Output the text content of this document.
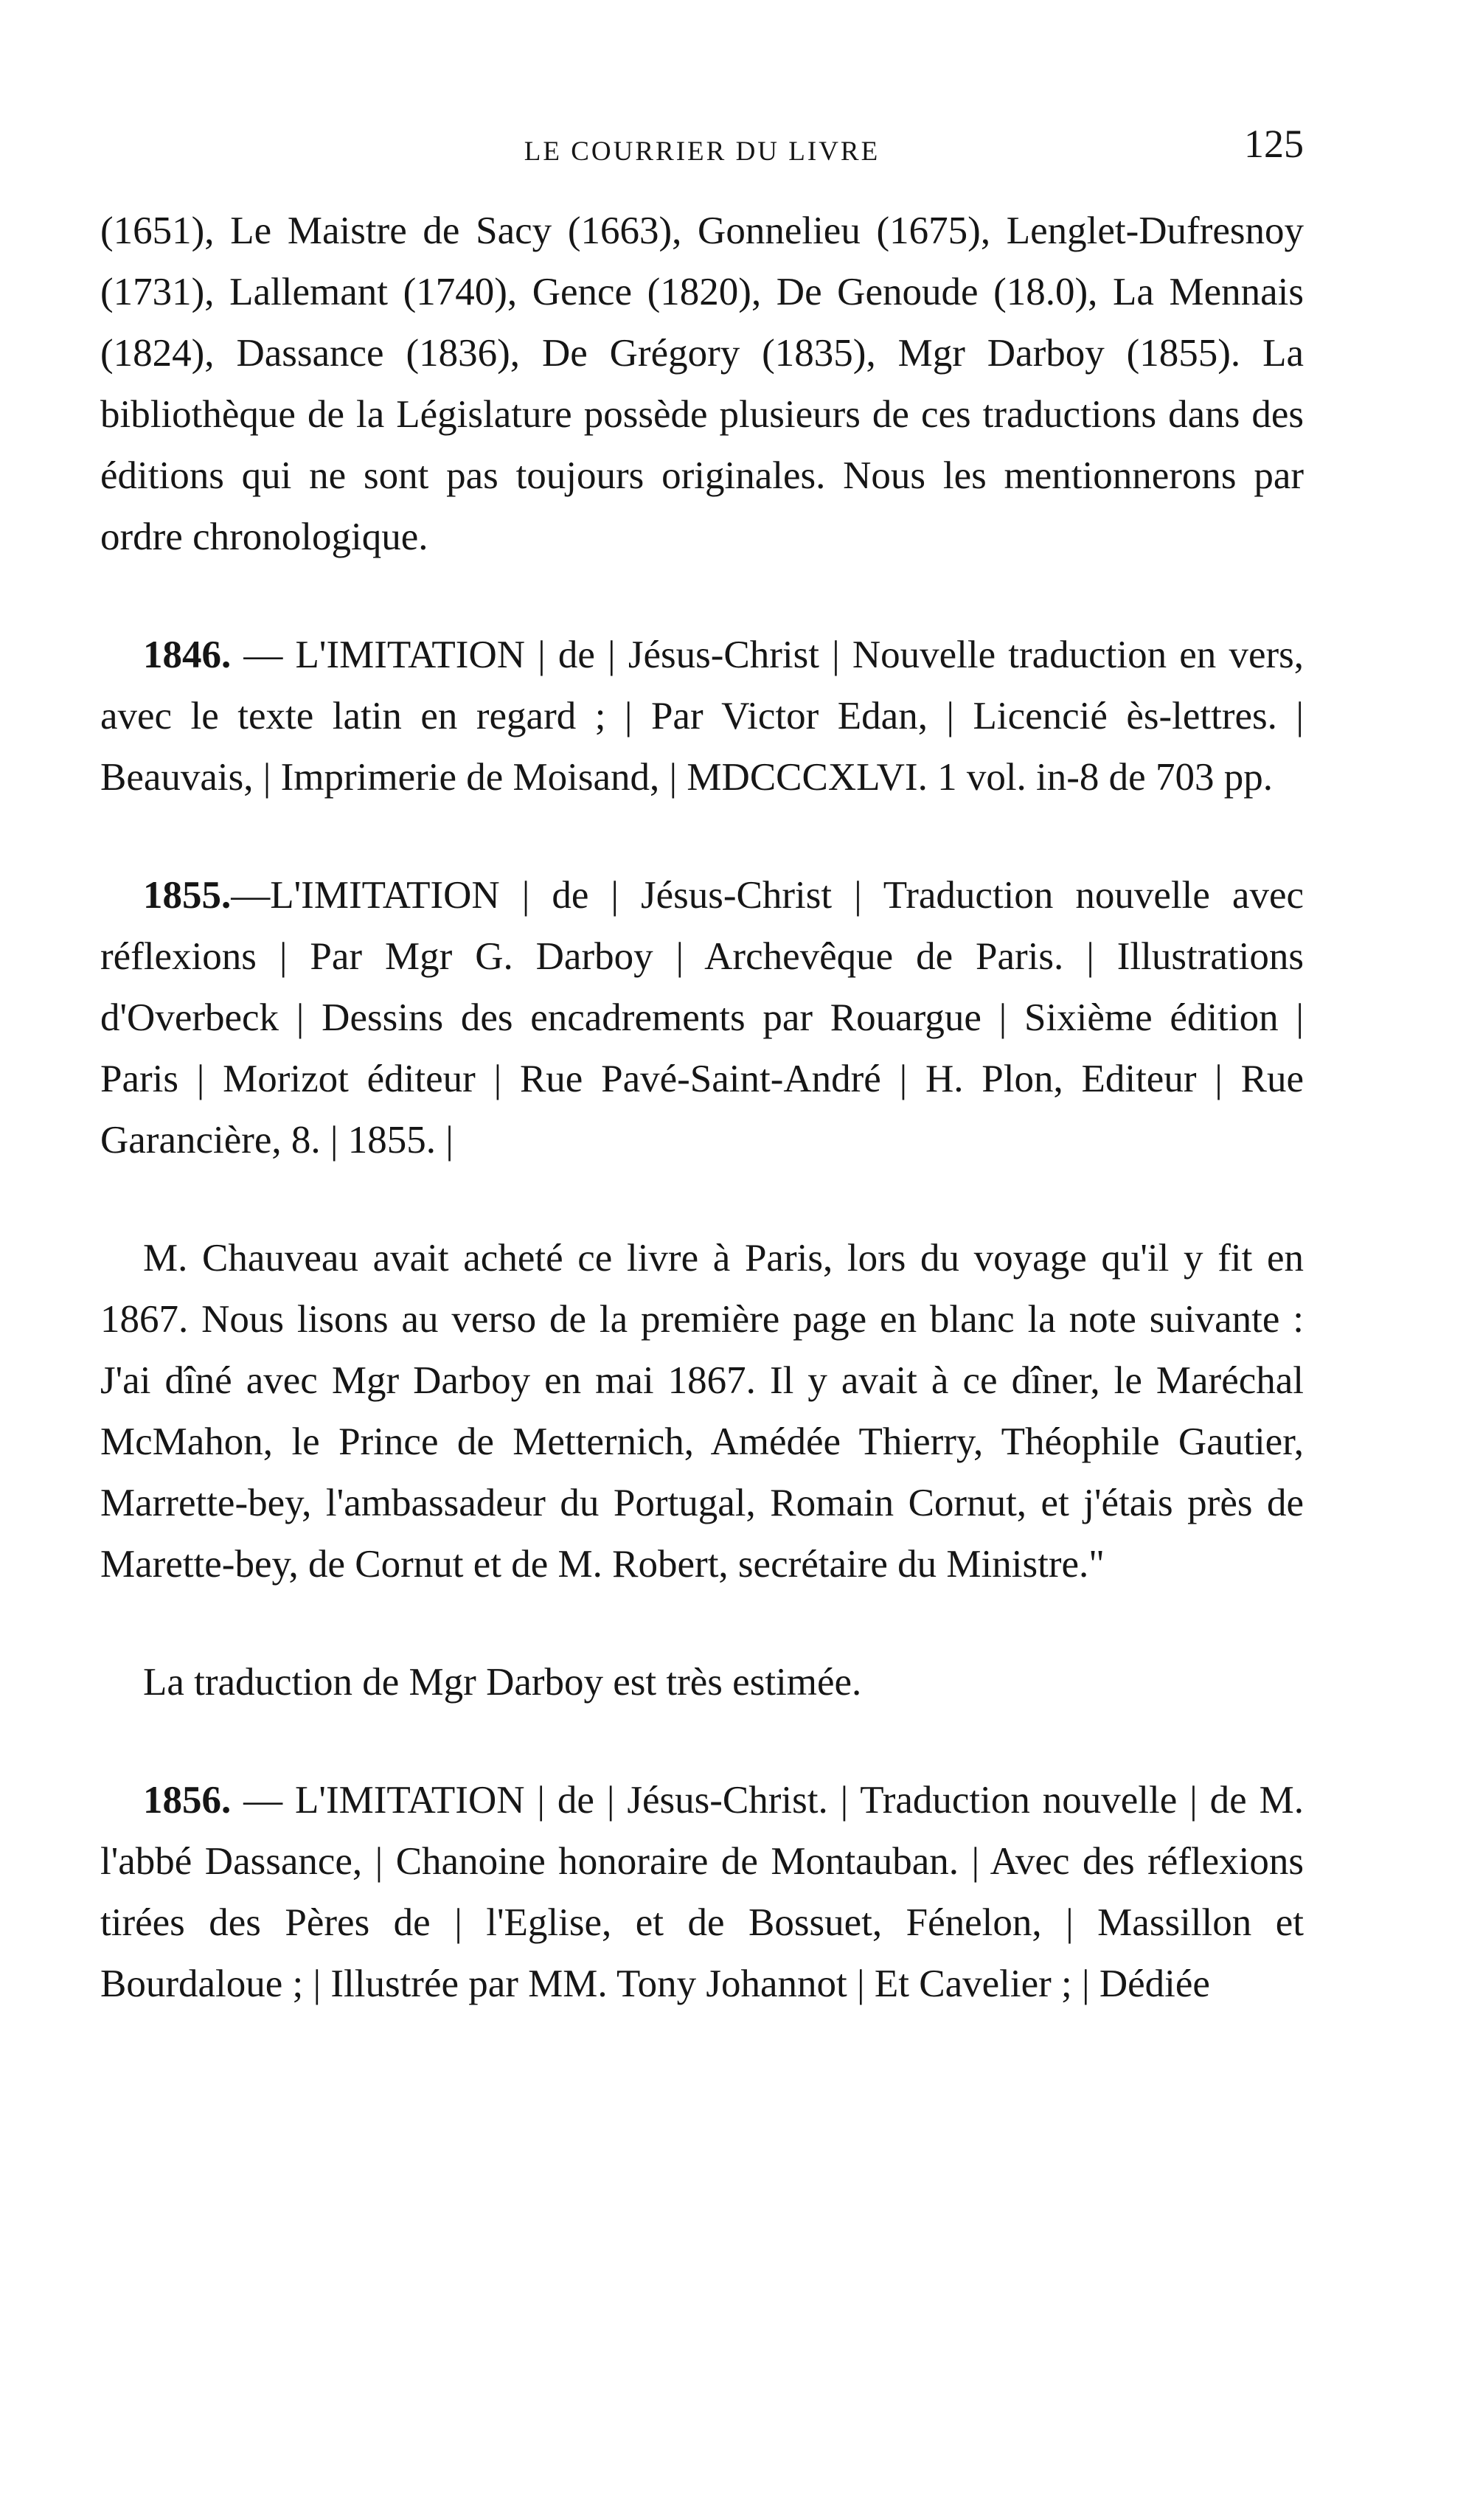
LE COURRIER DU LIVRE	125

(1651), Le Maistre de Sacy (1663), Gonnelieu (1675), Lenglet-Dufresnoy (1731), Lallemant (1740), Gence (1820), De Genoude (18.0), La Mennais (1824), Dassance (1836), De Grégory (1835), Mgr Darboy (1855). La bibliothèque de la Législature possède plusieurs de ces traductions dans des éditions qui ne sont pas toujours originales. Nous les mentionnerons par ordre chronologique.

1846. — L'IMITATION | de | Jésus-Christ | Nouvelle traduction en vers, avec le texte latin en regard ; | Par Victor Edan, | Licencié ès-lettres. | Beauvais, | Imprimerie de Moisand, | MDCCCXLVI. 1 vol. in-8 de 703 pp.

1855.—L'IMITATION | de | Jésus-Christ | Traduction nouvelle avec réflexions | Par Mgr G. Darboy | Archevêque de Paris. | Illustrations d'Overbeck | Dessins des encadrements par Rouargue | Sixième édition | Paris | Morizot éditeur | Rue Pavé-Saint-André | H. Plon, Editeur | Rue Garancière, 8. | 1855. |

M. Chauveau avait acheté ce livre à Paris, lors du voyage qu'il y fit en 1867. Nous lisons au verso de la première page en blanc la note suivante : J'ai dîné avec Mgr Darboy en mai 1867. Il y avait à ce dîner, le Maréchal McMahon, le Prince de Metternich, Amédée Thierry, Théophile Gautier, Marrette-bey, l'ambassadeur du Portugal, Romain Cornut, et j'étais près de Marette-bey, de Cornut et de M. Robert, secrétaire du Ministre."

La traduction de Mgr Darboy est très estimée.

1856. — L'IMITATION | de | Jésus-Christ. | Traduction nouvelle | de M. l'abbé Dassance, | Chanoine honoraire de Montauban. | Avec des réflexions tirées des Pères de | l'Eglise, et de Bossuet, Fénelon, | Massillon et Bourdaloue ; | Illustrée par MM. Tony Johannot | Et Cavelier ; | Dédiée
